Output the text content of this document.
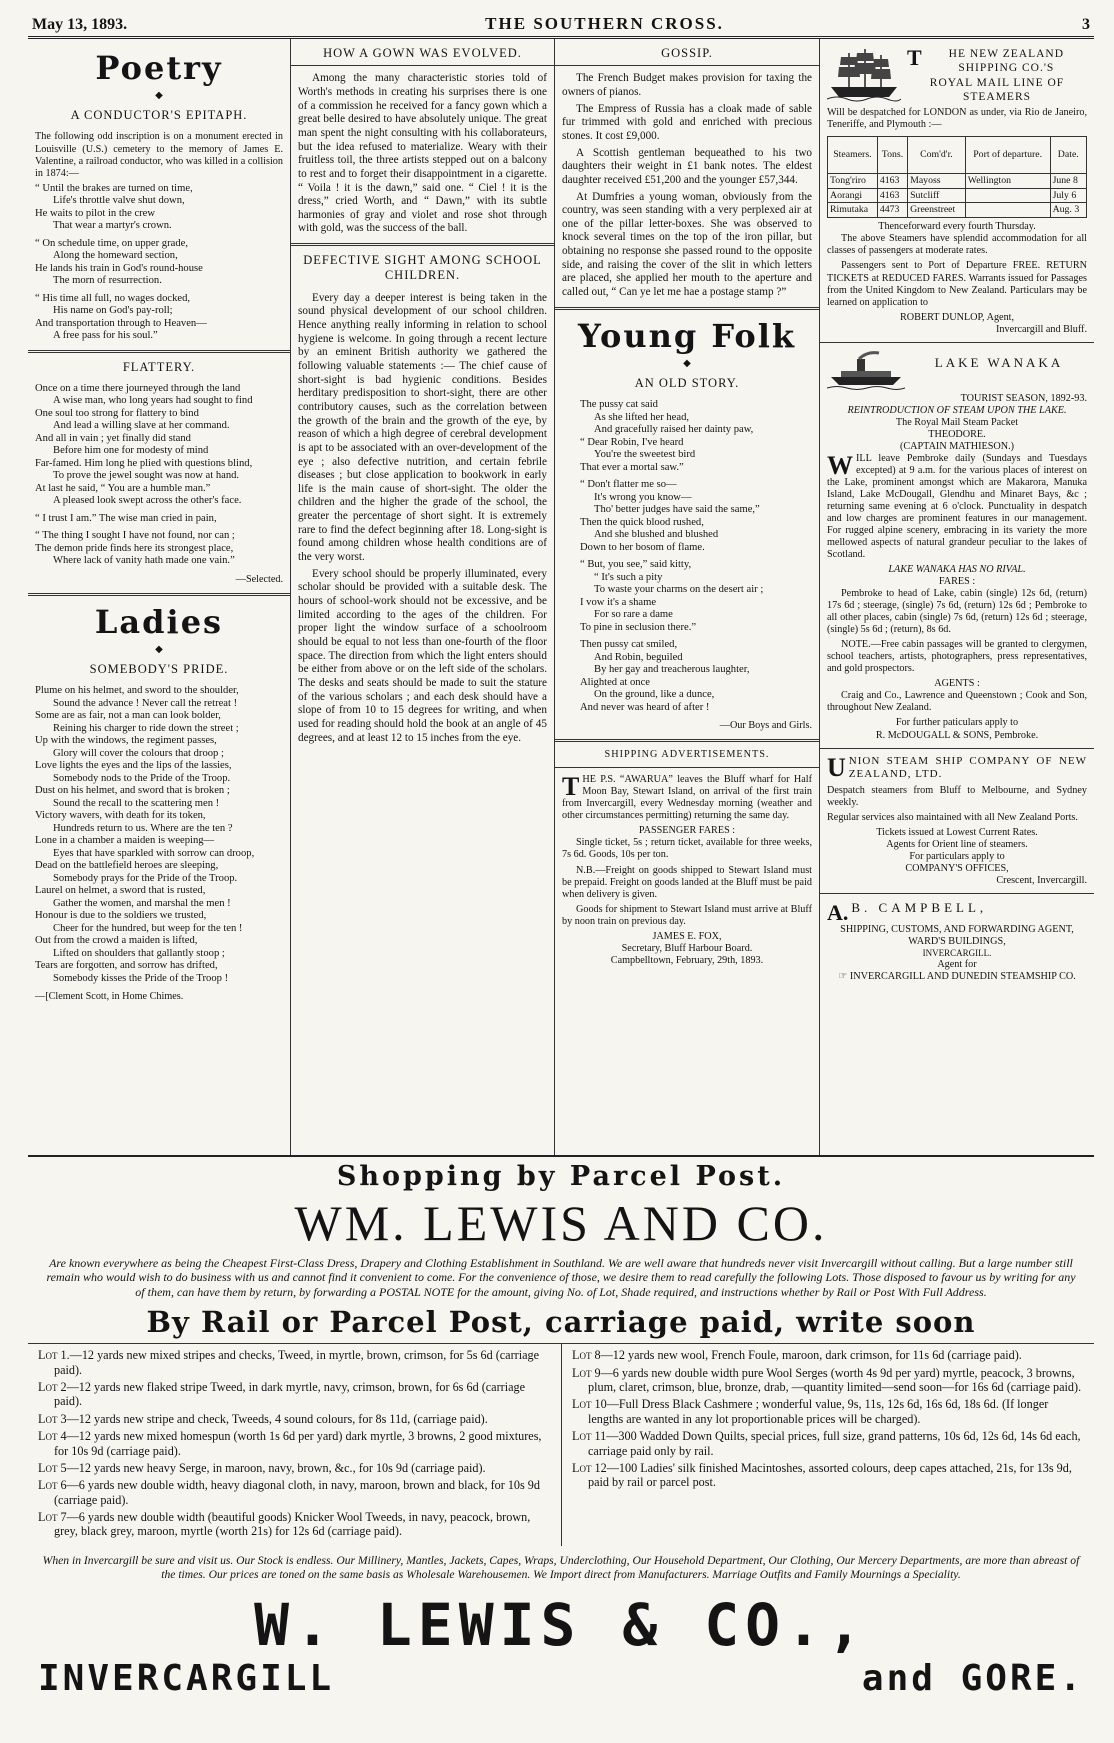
May 13, 1893.	THE SOUTHERN CROSS.	3
Poetry
◆
A CONDUCTOR'S EPITAPH.

The following odd inscription is on a monument erected in Louisville (U.S.) cemetery to the memory of James E. Valentine, a railroad conductor, who was killed in a collision in 1874:—

“ Until the brakes are turned on time,
Life's throttle valve shut down,
He waits to pilot in the crew
That wear a martyr's crown.
“ On schedule time, on upper grade,
Along the homeward section,
He lands his train in God's round-house
The morn of resurrection.
“ His time all full, no wages docked,
His name on God's pay-roll;
And transportation through to Heaven—
A free pass for his soul.”
FLATTERY.
Once on a time there journeyed through the land
A wise man, who long years had sought to find
One soul too strong for flattery to bind
And lead a willing slave at her command.
And all in vain ; yet finally did stand
Before him one for modesty of mind
Far-famed. Him long he plied with questions blind,
To prove the jewel sought was now at hand.
At last he said, “ You are a humble man.”
A pleased look swept across the other's face.
“ I trust I am.” The wise man cried in pain,
“ The thing I sought I have not found, nor can ;
The demon pride finds here its strongest place,
Where lack of vanity hath made one vain.”
—Selected.
Ladies
◆
SOMEBODY'S PRIDE.
Plume on his helmet, and sword to the shoulder,
Sound the advance ! Never call the retreat !
Some are as fair, not a man can look bolder,
Reining his charger to ride down the street ;
Up with the windows, the regiment passes,
Glory will cover the colours that droop ;
Love lights the eyes and the lips of the lassies,
Somebody nods to the Pride of the Troop.
Dust on his helmet, and sword that is broken ;
Sound the recall to the scattering men !
Victory wavers, with death for its token,
Hundreds return to us. Where are the ten ?
Lone in a chamber a maiden is weeping—
Eyes that have sparkled with sorrow can droop,
Dead on the battlefield heroes are sleeping,
Somebody prays for the Pride of the Troop.
Laurel on helmet, a sword that is rusted,
Gather the women, and marshal the men !
Honour is due to the soldiers we trusted,
Cheer for the hundred, but weep for the ten !
Out from the crowd a maiden is lifted,
Lifted on shoulders that gallantly stoop ;
Tears are forgotten, and sorrow has drifted,
Somebody kisses the Pride of the Troop !
—[Clement Scott, in Home Chimes.
HOW A GOWN WAS EVOLVED.

Among the many characteristic stories told of Worth's methods in creating his surprises there is one of a commission he received for a fancy gown which a great belle desired to have absolutely unique. The great man spent the night consulting with his collaborateurs, but the idea refused to materialize. Weary with their fruitless toil, the three artists stepped out on a balcony to rest and to forget their disappointment in a cigarette. “ Voila ! it is the dawn,” said one. “ Ciel ! it is the dress,” cried Worth, and “ Dawn,” with its subtle harmonies of gray and violet and rose shot through with gold, was the success of the ball.

DEFECTIVE SIGHT AMONG SCHOOL CHILDREN.

Every day a deeper interest is being taken in the sound physical development of our school children. Hence anything really informing in relation to school hygiene is welcome. In going through a recent lecture by an eminent British authority we gathered the following valuable statements :— The chief cause of short-sight is bad hygienic conditions. Besides herditary predisposition to short-sight, there are other contributory causes, such as the correlation between the growth of the brain and the growth of the eye, by reason of which a high degree of cerebral development is apt to be associated with an over-development of the eye ; also defective nutrition, and certain febrile diseases ; but close application to bookwork in early life is the main cause of short-sight. The older the children and the higher the grade of the school, the greater the percentage of short sight. It is extremely rare to find the defect beginning after 18. Long-sight is found among children whose health conditions are of the very worst.

Every school should be properly illuminated, every scholar should be provided with a suitable desk. The hours of school-work should not be excessive, and be limited according to the ages of the children. For proper light the window surface of a schoolroom should be equal to not less than one-fourth of the floor space. The direction from which the light enters should be either from above or on the left side of the scholars. The desks and seats should be made to suit the stature of the various scholars ; and each desk should have a slope of from 10 to 15 degrees for writing, and when used for reading should hold the book at an angle of 45 degrees, and at least 12 to 15 inches from the eye.

GOSSIP.

The French Budget makes provision for taxing the owners of pianos.

The Empress of Russia has a cloak made of sable fur trimmed with gold and enriched with precious stones. It cost £9,000.

A Scottish gentleman bequeathed to his two daughters their weight in £1 bank notes. The eldest daughter received £51,200 and the younger £57,344.

At Dumfries a young woman, obviously from the country, was seen standing with a very perplexed air at one of the pillar letter-boxes. She was observed to knock several times on the top of the iron pillar, but obtaining no response she passed round to the opposite side, and raising the cover of the slit in which letters are placed, she applied her mouth to the aperture and called out, “ Can ye let me hae a postage stamp ?”

Young Folk
◆
AN OLD STORY.
The pussy cat said
As she lifted her head,
And gracefully raised her dainty paw,
“ Dear Robin, I've heard
You're the sweetest bird
That ever a mortal saw.”
“ Don't flatter me so—
It's wrong you know—
Tho' better judges have said the same,”
Then the quick blood rushed,
And she blushed and blushed
Down to her bosom of flame.
“ But, you see,” said kitty,
“ It's such a pity
To waste your charms on the desert air ;
I vow it's a shame
For so rare a dame
To pine in seclusion there.”
Then pussy cat smiled,
And Robin, beguiled
By her gay and treacherous laughter,
Alighted at once
On the ground, like a dunce,
And never was heard of after !
—Our Boys and Girls.
SHIPPING ADVERTISEMENTS.

THE P.S. “AWARUA” leaves the Bluff wharf for Half Moon Bay, Stewart Island, on arrival of the first train from Invercargill, every Wednesday morning (weather and other circumstances permitting) returning the same day.

PASSENGER FARES :

Single ticket, 5s ; return ticket, available for three weeks, 7s 6d. Goods, 10s per ton.

N.B.—Freight on goods shipped to Stewart Island must be prepaid. Freight on goods landed at the Bluff must be paid when delivery is given.

Goods for shipment to Stewart Island must arrive at Bluff by noon train on previous day.

JAMES E. FOX,
Secretary, Bluff Harbour Board.
Campbelltown, February, 29th, 1893.
T	HE NEW ZEALAND
SHIPPING CO.'S
ROYAL MAIL LINE OF
STEAMERS

Will be despatched for LONDON as under, via Rio de Janeiro, Teneriffe, and Plymouth :—

Steamers.	Tons.	Com'd'r.	Port of departure.	Date.
Tong'riro	4163	Mayoss	Wellington	June 8
Aorangi	4163	Sutcliff		July 6
Rimutaka	4473	Greenstreet		Aug. 3
Thenceforward every fourth Thursday.

The above Steamers have splendid accommodation for all classes of passengers at moderate rates.

Passengers sent to Port of Departure FREE. RETURN TICKETS at REDUCED FARES. Warrants issued for Passages from the United Kingdom to New Zealand. Particulars may be learned on application to

ROBERT DUNLOP, Agent,
Invercargill and Bluff.
LAKE WANAKA
TOURIST SEASON, 1892-93.
REINTRODUCTION OF STEAM UPON THE LAKE.
The Royal Mail Steam Packet
THEODORE.
(CAPTAIN MATHIESON.)

WILL leave Pembroke daily (Sundays and Tuesdays excepted) at 9 a.m. for the various places of interest on the Lake, prominent amongst which are Makarora, Manuka Island, Lake McDougall, Glendhu and Minaret Bays, &c ; returning same evening at 6 o'clock. Punctuality in despatch and low charges are prominent features in our management. For rugged alpine scenery, embracing in its variety the more mellowed aspects of natural grandeur peculiar to the lakes of Scotland.

LAKE WANAKA HAS NO RIVAL.
FARES :

Pembroke to head of Lake, cabin (single) 12s 6d, (return) 17s 6d ; steerage, (single) 7s 6d, (return) 12s 6d ; Pembroke to all other places, cabin (single) 7s 6d, (return) 12s 6d ; steerage, (single) 5s 6d ; (return), 8s 6d.

NOTE.—Free cabin passages will be granted to clergymen, school teachers, artists, photographers, press representatives, and gold prospectors.

AGENTS :

Craig and Co., Lawrence and Queenstown ; Cook and Son, throughout New Zealand.

For further paticulars apply to
R. McDOUGALL & SONS, Pembroke.

UNION STEAM SHIP COMPANY OF NEW ZEALAND, LTD.

Despatch steamers from Bluff to Melbourne, and Sydney weekly.

Regular services also maintained with all New Zealand Ports.

Tickets issued at Lowest Current Rates.
Agents for Orient line of steamers.
For particulars apply to
COMPANY'S OFFICES,
Crescent, Invercargill.
A. B. CAMPBELL,
SHIPPING, CUSTOMS, AND FORWARDING AGENT,
WARD'S BUILDINGS,
INVERCARGILL.
Agent for
☞ INVERCARGILL AND DUNEDIN STEAMSHIP CO.
Shopping by Parcel Post.
WM. LEWIS AND CO.
Are known everywhere as being the Cheapest First-Class Dress, Drapery and Clothing Establishment in Southland. We are well aware that hundreds never visit Invercargill without calling. But a large number still remain who would wish to do business with us and cannot find it convenient to come. For the convenience of those, we desire them to read carefully the following Lots. Those disposed to favour us by writing for any of them, can have them by return, by forwarding a POSTAL NOTE for the amount, giving No. of Lot, Shade required, and instructions whether by Rail or Post With Full Address.
By Rail or Parcel Post, carriage paid, write soon
Lot 1.—12 yards new mixed stripes and checks, Tweed, in myrtle, brown, crimson, for 5s 6d (carriage paid).
Lot 2—12 yards new flaked stripe Tweed, in dark myrtle, navy, crimson, brown, for 6s 6d (carriage paid).
Lot 3—12 yards new stripe and check, Tweeds, 4 sound colours, for 8s 11d, (carriage paid).
Lot 4—12 yards new mixed homespun (worth 1s 6d per yard) dark myrtle, 3 browns, 2 good mixtures, for 10s 9d (carriage paid).
Lot 5—12 yards new heavy Serge, in maroon, navy, brown, &c., for 10s 9d (carriage paid).
Lot 6—6 yards new double width, heavy diagonal cloth, in navy, maroon, brown and black, for 10s 9d (carriage paid).
Lot 7—6 yards new double width (beautiful goods) Knicker Wool Tweeds, in navy, peacock, brown, grey, black grey, maroon, myrtle (worth 21s) for 12s 6d (carriage paid).
Lot 8—12 yards new wool, French Foule, maroon, dark crimson, for 11s 6d (carriage paid).
Lot 9—6 yards new double width pure Wool Serges (worth 4s 9d per yard) myrtle, peacock, 3 browns, plum, claret, crimson, blue, bronze, drab, —quantity limited—send soon—for 16s 6d (carriage paid).
Lot 10—Full Dress Black Cashmere ; wonderful value, 9s, 11s, 12s 6d, 16s 6d, 18s 6d. (If longer lengths are wanted in any lot proportionable prices will be charged).
Lot 11—300 Wadded Down Quilts, special prices, full size, grand patterns, 10s 6d, 12s 6d, 14s 6d each, carriage paid only by rail.
Lot 12—100 Ladies' silk finished Macintoshes, assorted colours, deep capes attached, 21s, for 13s 9d, paid by rail or parcel post.
When in Invercargill be sure and visit us. Our Stock is endless. Our Millinery, Mantles, Jackets, Capes, Wraps, Underclothing, Our Household Department, Our Clothing, Our Mercery Departments, are more than abreast of the times. Our prices are toned on the same basis as Wholesale Warehousemen. We Import direct from Manufacturers. Marriage Outfits and Family Mournings a Speciality.
W. LEWIS & CO.,
INVERCARGILL	and GORE.
